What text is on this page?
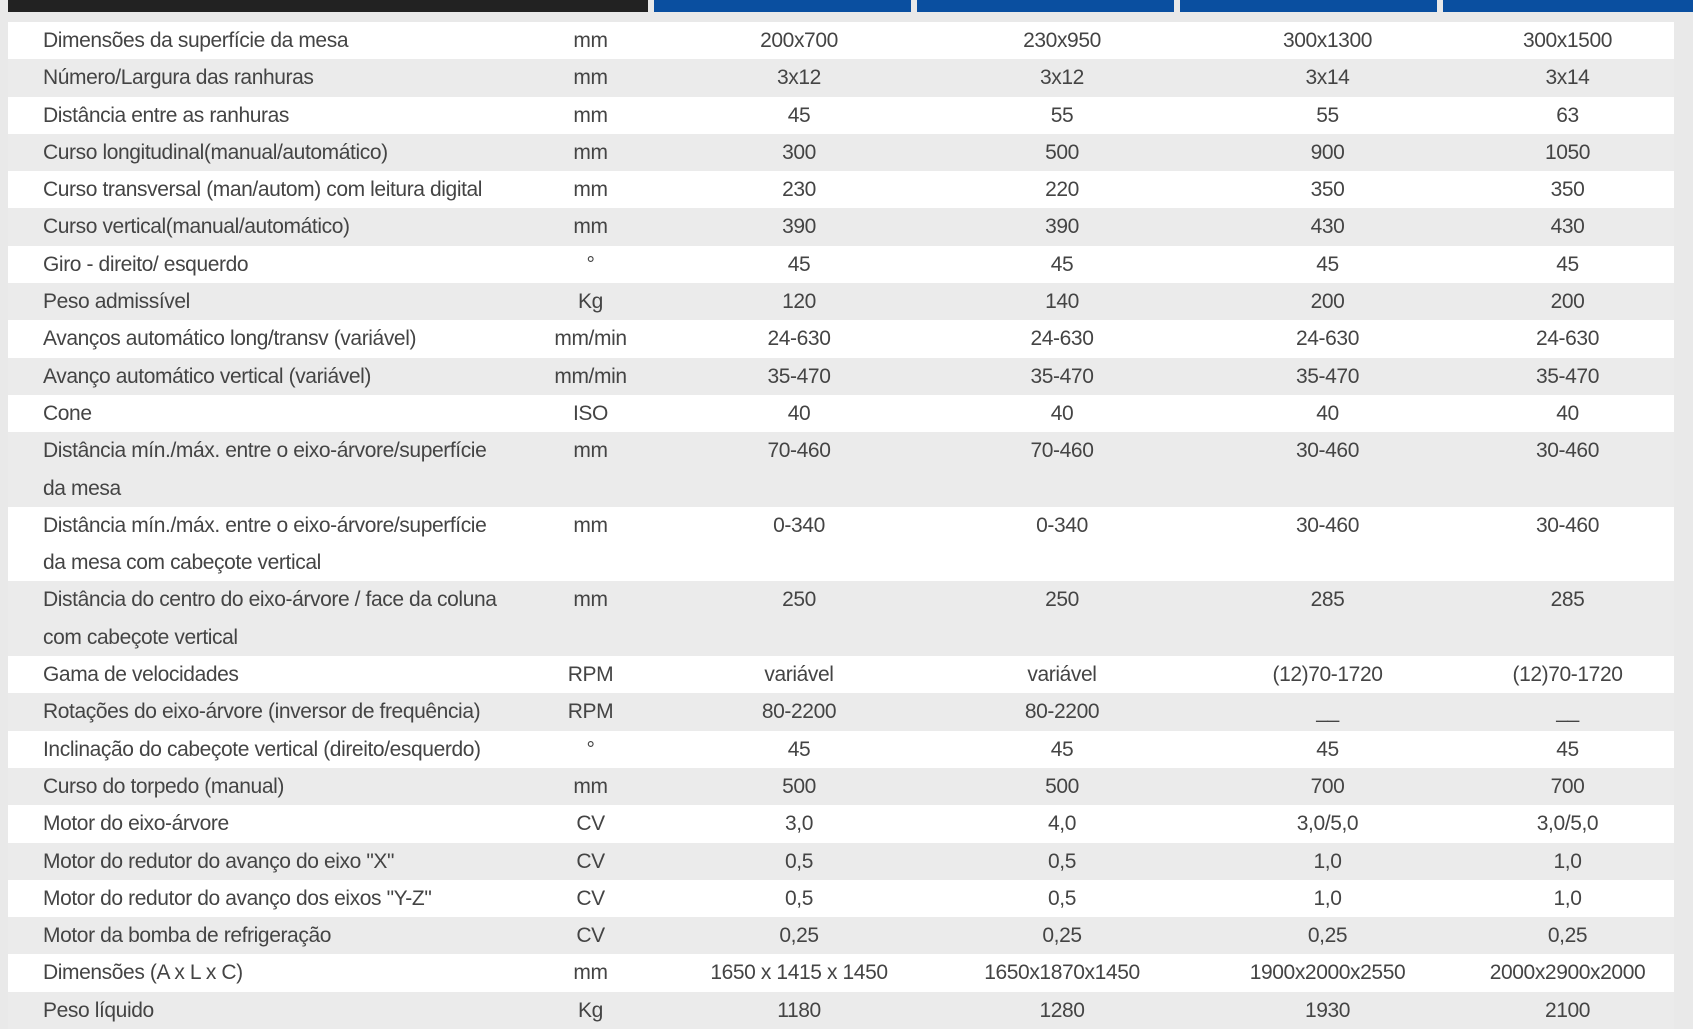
Dimensões da superfície da mesa	mm	200x700	230x950	300x1300	300x1500
Número/Largura das ranhuras	mm	3x12	3x12	3x14	3x14
Distância entre as ranhuras	mm	45	55	55	63
Curso longitudinal(manual/automático)	mm	300	500	900	1050
Curso transversal (man/autom) com leitura digital	mm	230	220	350	350
Curso vertical(manual/automático)	mm	390	390	430	430
Giro - direito/ esquerdo	°	45	45	45	45
Peso admissível	Kg	120	140	200	200
Avanços automático long/transv (variável)	mm/min	24-630	24-630	24-630	24-630
Avanço automático vertical (variável)	mm/min	35-470	35-470	35-470	35-470
Cone	ISO	40	40	40	40
Distância mín./máx. entre o eixo-árvore/superfície da mesa	mm	70-460	70-460	30-460	30-460
Distância mín./máx. entre o eixo-árvore/superfície da mesa com cabeçote vertical	mm	0-340	0-340	30-460	30-460
Distância do centro do eixo-árvore / face da coluna com cabeçote vertical	mm	250	250	285	285
Gama de velocidades	RPM	variável	variável	(12)70-1720	(12)70-1720
Rotações do eixo-árvore (inversor de frequência)	RPM	80-2200	80-2200	__	__
Inclinação do cabeçote vertical (direito/esquerdo)	°	45	45	45	45
Curso do torpedo (manual)	mm	500	500	700	700
Motor do eixo-árvore	CV	3,0	4,0	3,0/5,0	3,0/5,0
Motor do redutor do avanço do eixo "X"	CV	0,5	0,5	1,0	1,0
Motor do redutor do avanço dos eixos "Y-Z"	CV	0,5	0,5	1,0	1,0
Motor da bomba de refrigeração	CV	0,25	0,25	0,25	0,25
Dimensões (A x L x C)	mm	1650 x 1415 x 1450	1650x1870x1450	1900x2000x2550	2000x2900x2000
Peso líquido	Kg	1180	1280	1930	2100
